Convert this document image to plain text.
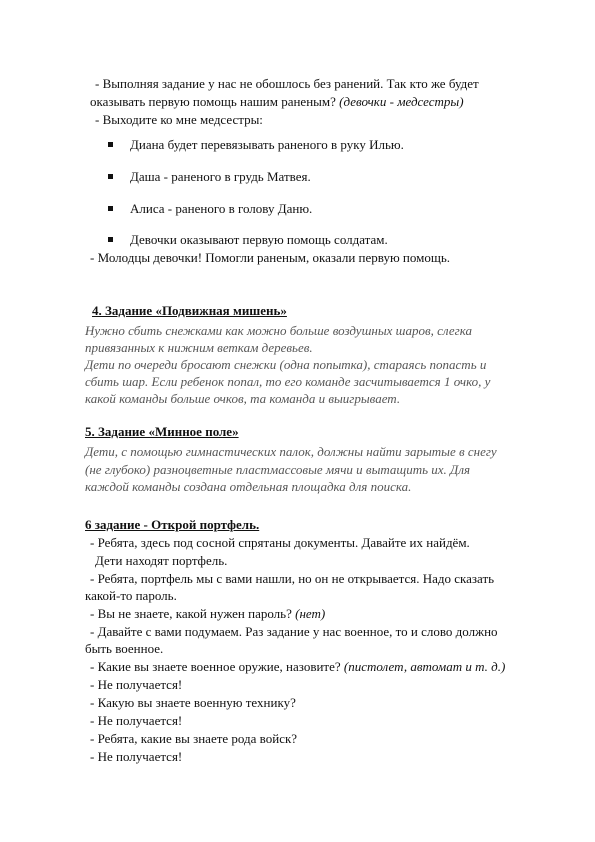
- Выполняя задание у нас не обошлось без ранений. Так кто же будет
оказывать первую помощь нашим раненым? (девочки - медсестры)
- Выходите ко мне медсестры:
Диана будет перевязывать раненого в руку Илью.
Даша - раненого в грудь Матвея.
Алиса - раненого в голову Даню.
Девочки оказывают первую помощь солдатам.
- Молодцы девочки! Помогли раненым, оказали первую помощь.
4. Задание «Подвижная мишень»
Нужно сбить снежками как можно больше воздушных шаров, слегка
привязанных к нижним веткам деревьев.
Дети по очереди бросают снежки (одна попытка), стараясь попасть и
сбить шар. Если ребенок попал, то его команде засчитывается 1 очко, у
какой команды больше очков, та команда и выигрывает.
5. Задание «Минное поле»
Дети, с помощью гимнастических палок, должны найти зарытые в снегу
(не глубоко) разноцветные пластмассовые мячи и вытащить их. Для
каждой команды создана отдельная площадка для поиска.
6 задание - Открой портфель.
- Ребята, здесь под сосной спрятаны документы. Давайте их найдём.
Дети находят портфель.
- Ребята, портфель мы с вами нашли, но он не открывается. Надо сказать
какой-то пароль.
- Вы не знаете, какой нужен пароль? (нет)
- Давайте с вами подумаем. Раз задание у нас военное, то и слово должно
быть военное.
- Какие вы знаете военное оружие, назовите? (пистолет, автомат и т. д.)
- Не получается!
- Какую вы знаете военную технику?
- Не получается!
- Ребята, какие вы знаете рода войск?
- Не получается!
